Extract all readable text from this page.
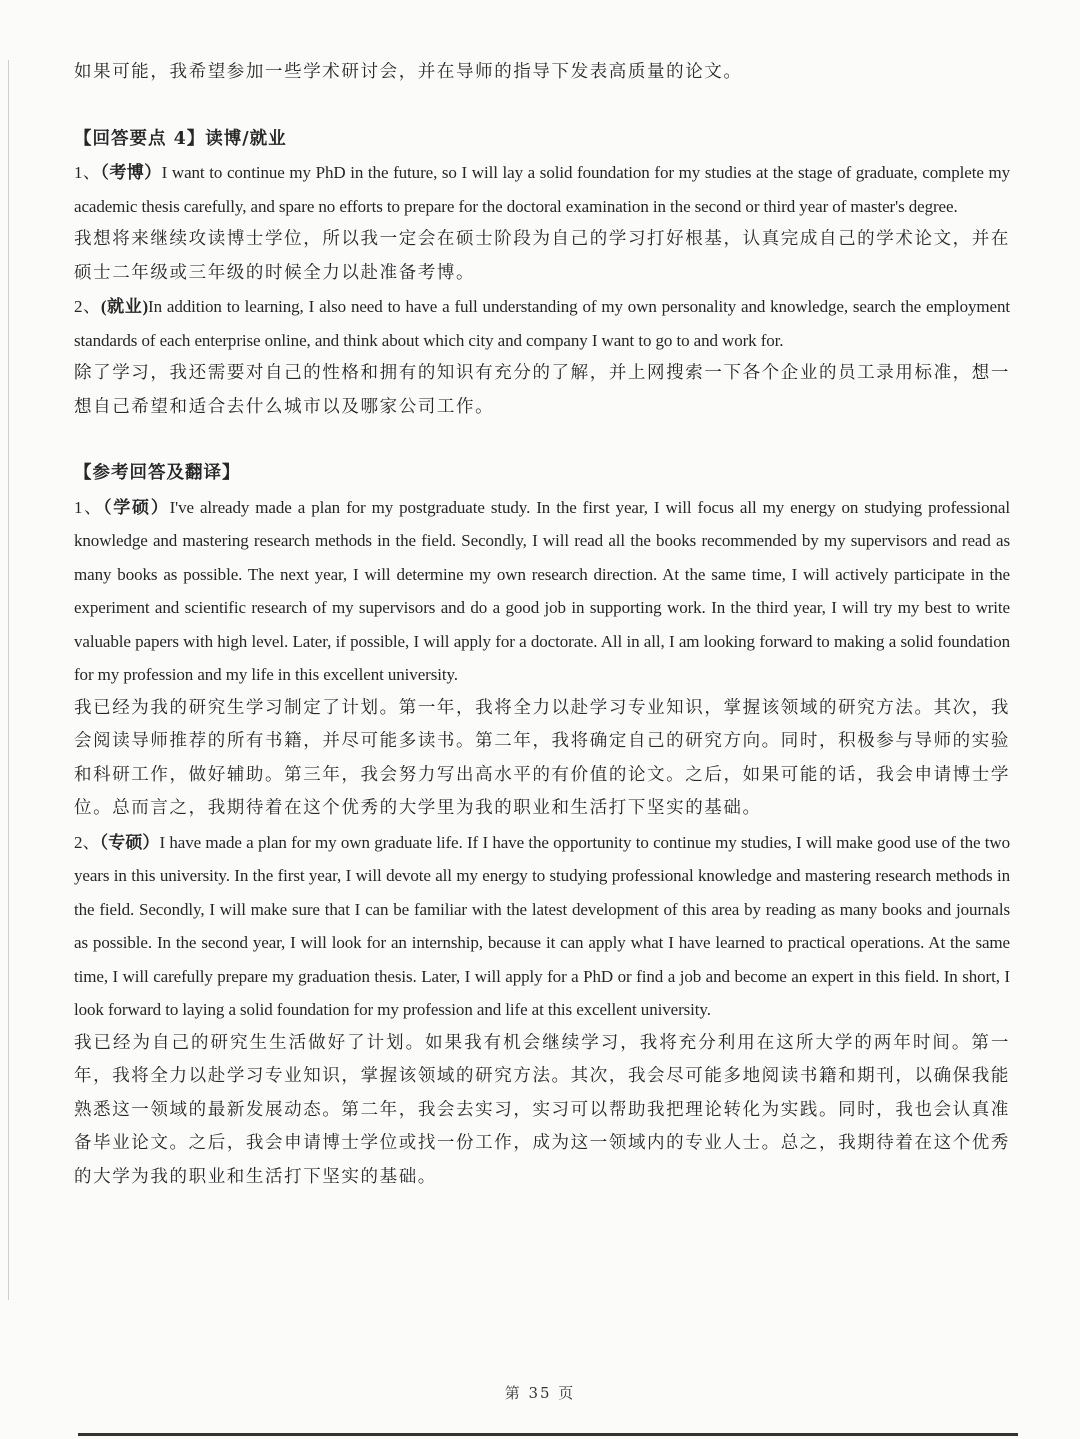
如果可能，我希望参加一些学术研讨会，并在导师的指导下发表高质量的论文。

【回答要点 4】读博/就业

1、（考博）I want to continue my PhD in the future, so I will lay a solid foundation for my studies at the stage of graduate, complete my academic thesis carefully, and spare no efforts to prepare for the doctoral examination in the second or third year of master's degree.

我想将来继续攻读博士学位，所以我一定会在硕士阶段为自己的学习打好根基，认真完成自己的学术论文，并在硕士二年级或三年级的时候全力以赴准备考博。

2、(就业)In addition to learning, I also need to have a full understanding of my own personality and knowledge, search the employment standards of each enterprise online, and think about which city and company I want to go to and work for.

除了学习，我还需要对自己的性格和拥有的知识有充分的了解，并上网搜索一下各个企业的员工录用标准，想一想自己希望和适合去什么城市以及哪家公司工作。

【参考回答及翻译】

1、（学硕）I've already made a plan for my postgraduate study. In the first year, I will focus all my energy on studying professional knowledge and mastering research methods in the field. Secondly, I will read all the books recommended by my supervisors and read as many books as possible. The next year, I will determine my own research direction. At the same time, I will actively participate in the experiment and scientific research of my supervisors and do a good job in supporting work. In the third year, I will try my best to write valuable papers with high level. Later, if possible, I will apply for a doctorate. All in all, I am looking forward to making a solid foundation for my profession and my life in this excellent university.

我已经为我的研究生学习制定了计划。第一年，我将全力以赴学习专业知识，掌握该领域的研究方法。其次，我会阅读导师推荐的所有书籍，并尽可能多读书。第二年，我将确定自己的研究方向。同时，积极参与导师的实验和科研工作，做好辅助。第三年，我会努力写出高水平的有价值的论文。之后，如果可能的话，我会申请博士学位。总而言之，我期待着在这个优秀的大学里为我的职业和生活打下坚实的基础。

2、（专硕）I have made a plan for my own graduate life. If I have the opportunity to continue my studies, I will make good use of the two years in this university. In the first year, I will devote all my energy to studying professional knowledge and mastering research methods in the field. Secondly, I will make sure that I can be familiar with the latest development of this area by reading as many books and journals as possible. In the second year, I will look for an internship, because it can apply what I have learned to practical operations. At the same time, I will carefully prepare my graduation thesis. Later, I will apply for a PhD or find a job and become an expert in this field. In short, I look forward to laying a solid foundation for my profession and life at this excellent university.

我已经为自己的研究生生活做好了计划。如果我有机会继续学习，我将充分利用在这所大学的两年时间。第一年，我将全力以赴学习专业知识，掌握该领域的研究方法。其次，我会尽可能多地阅读书籍和期刊，以确保我能熟悉这一领域的最新发展动态。第二年，我会去实习，实习可以帮助我把理论转化为实践。同时，我也会认真准备毕业论文。之后，我会申请博士学位或找一份工作，成为这一领域内的专业人士。总之，我期待着在这个优秀的大学为我的职业和生活打下坚实的基础。

第 35 页
